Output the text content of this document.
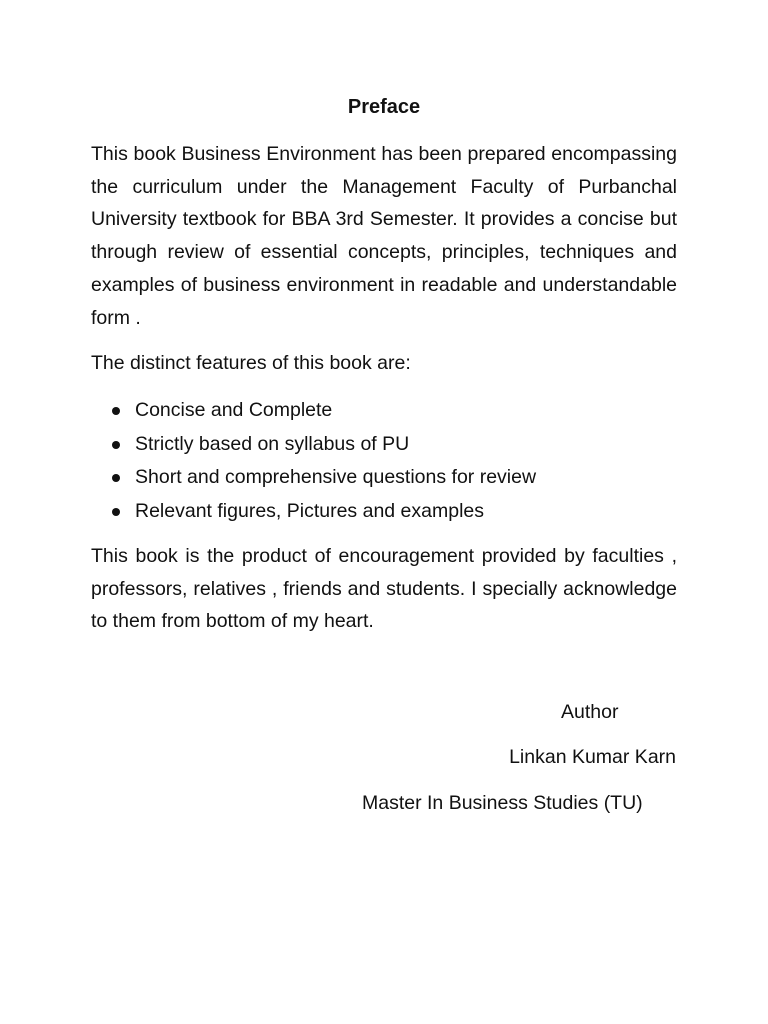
Preface

This book Business Environment has been prepared encompassing the curriculum under the Management Faculty of Purbanchal University textbook for BBA 3rd Semester. It provides a concise but through review of essential concepts, principles, techniques and examples of business environment in readable and understandable form .

The distinct features of this book are:

Concise and Complete
Strictly based on syllabus of PU
Short and comprehensive questions for review
Relevant figures, Pictures and examples

This book is the product of encouragement provided by faculties , professors, relatives , friends and students. I specially acknowledge to them from bottom of my heart.

Author
Linkan Kumar Karn
Master In Business Studies (TU)
